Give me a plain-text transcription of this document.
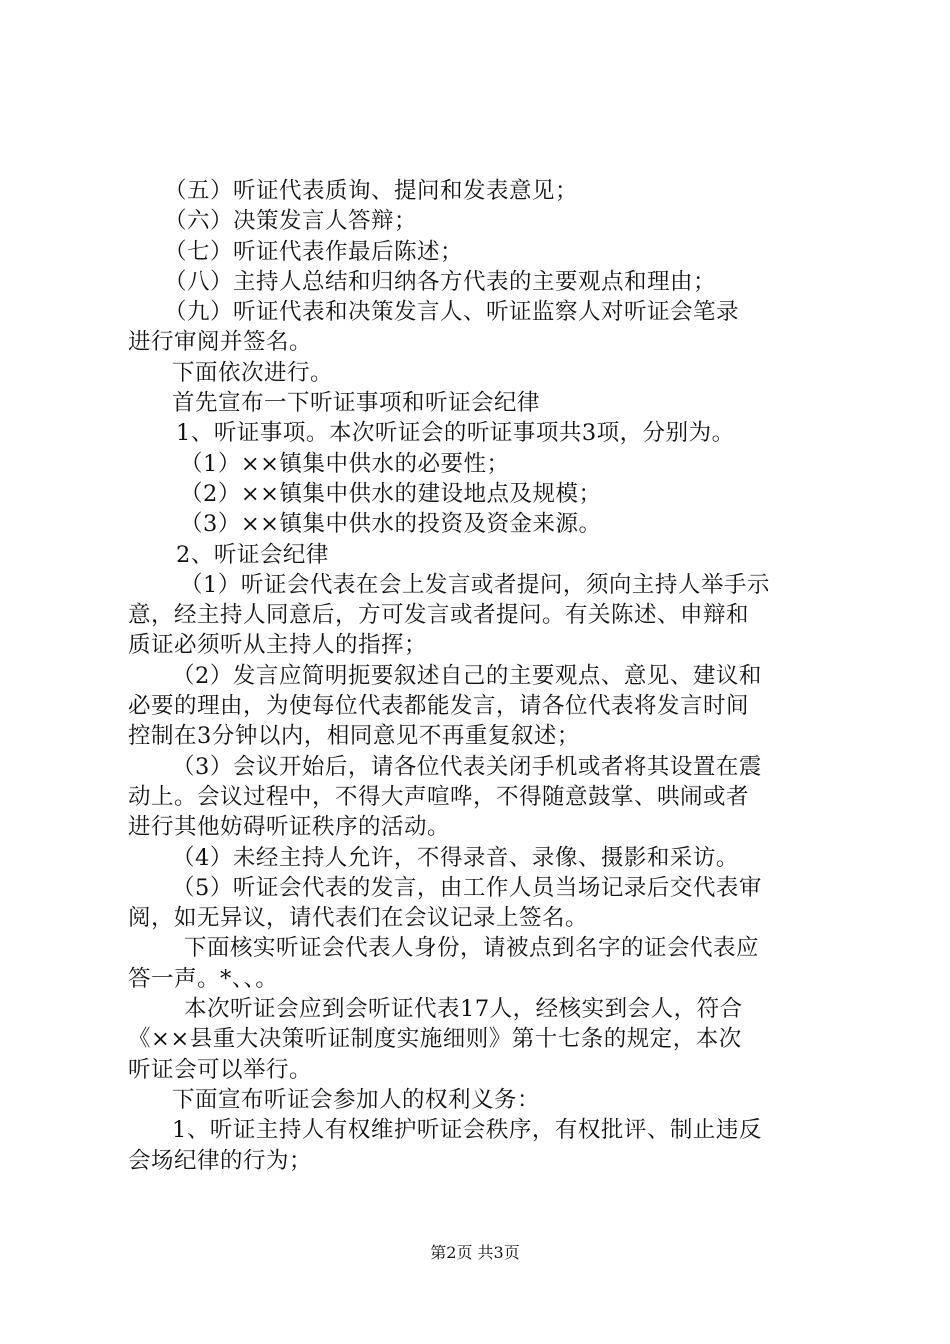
（五）听证代表质询、提问和发表意见；
（六）决策发言人答辩；
（七）听证代表作最后陈述；
（八）主持人总结和归纳各方代表的主要观点和理由；
（九）听证代表和决策发言人、听证监察人对听证会笔录
进行审阅并签名。
下面依次进行。
首先宣布一下听证事项和听证会纪律
1、听证事项。本次听证会的听证事项共3项，分别为。
（1）××镇集中供水的必要性；
（2）××镇集中供水的建设地点及规模；
（3）××镇集中供水的投资及资金来源。
2、听证会纪律
（1）听证会代表在会上发言或者提问，须向主持人举手示
意，经主持人同意后，方可发言或者提问。有关陈述、申辩和
质证必须听从主持人的指挥；
（2）发言应简明扼要叙述自己的主要观点、意见、建议和
必要的理由，为使每位代表都能发言，请各位代表将发言时间
控制在3分钟以内，相同意见不再重复叙述；
（3）会议开始后，请各位代表关闭手机或者将其设置在震
动上。会议过程中，不得大声喧哗，不得随意鼓掌、哄闹或者
进行其他妨碍听证秩序的活动。
（4）未经主持人允许，不得录音、录像、摄影和采访。
（5）听证会代表的发言，由工作人员当场记录后交代表审
阅，如无异议，请代表们在会议记录上签名。
下面核实听证会代表人身份，请被点到名字的证会代表应
答一声。*、、。
本次听证会应到会听证代表17人，经核实到会人，符合
《××县重大决策听证制度实施细则》第十七条的规定，本次
听证会可以举行。
下面宣布听证会参加人的权利义务：
1、听证主持人有权维护听证会秩序，有权批评、制止违反
会场纪律的行为；
第2页 共3页
